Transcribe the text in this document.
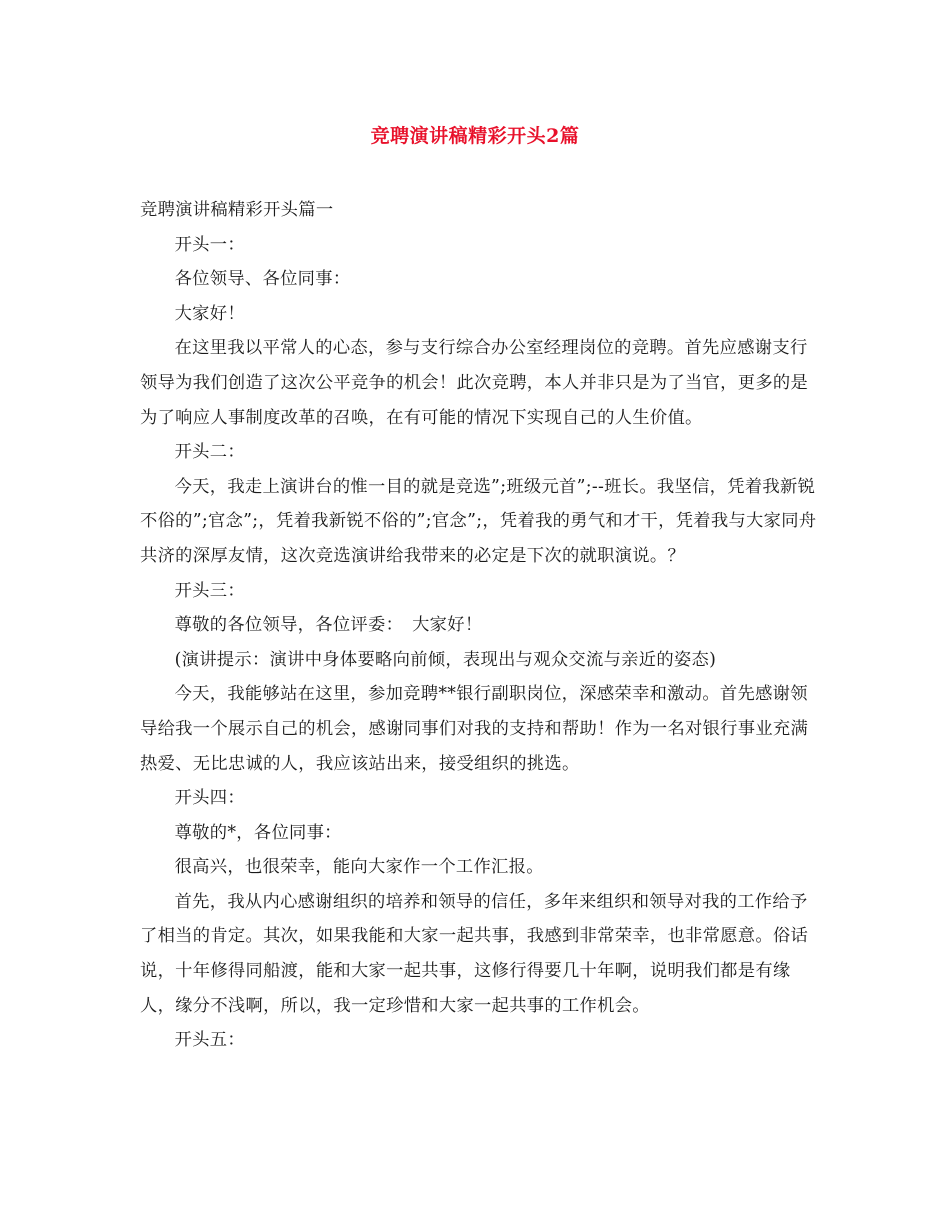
竞聘演讲稿精彩开头2篇

竞聘演讲稿精彩开头篇一

开头一：

各位领导、各位同事：

大家好！

在这里我以平常人的心态，参与支行综合办公室经理岗位的竞聘。首先应感谢支行领导为我们创造了这次公平竞争的机会！此次竞聘，本人并非只是为了当官，更多的是为了响应人事制度改革的召唤，在有可能的情况下实现自己的人生价值。

开头二：

今天，我走上演讲台的惟一目的就是竞选”;班级元首”;--班长。我坚信，凭着我新锐不俗的”;官念”;，凭着我新锐不俗的”;官念”;，凭着我的勇气和才干，凭着我与大家同舟共济的深厚友情，这次竞选演讲给我带来的必定是下次的就职演说。？

开头三：

尊敬的各位领导，各位评委：　大家好！

(演讲提示：演讲中身体要略向前倾，表现出与观众交流与亲近的姿态)

今天，我能够站在这里，参加竞聘**银行副职岗位，深感荣幸和激动。首先感谢领导给我一个展示自己的机会，感谢同事们对我的支持和帮助！作为一名对银行事业充满热爱、无比忠诚的人，我应该站出来，接受组织的挑选。

开头四：

尊敬的*，各位同事：

很高兴，也很荣幸，能向大家作一个工作汇报。

首先，我从内心感谢组织的培养和领导的信任，多年来组织和领导对我的工作给予了相当的肯定。其次，如果我能和大家一起共事，我感到非常荣幸，也非常愿意。俗话说，十年修得同船渡，能和大家一起共事，这修行得要几十年啊，说明我们都是有缘人，缘分不浅啊，所以，我一定珍惜和大家一起共事的工作机会。

开头五：
